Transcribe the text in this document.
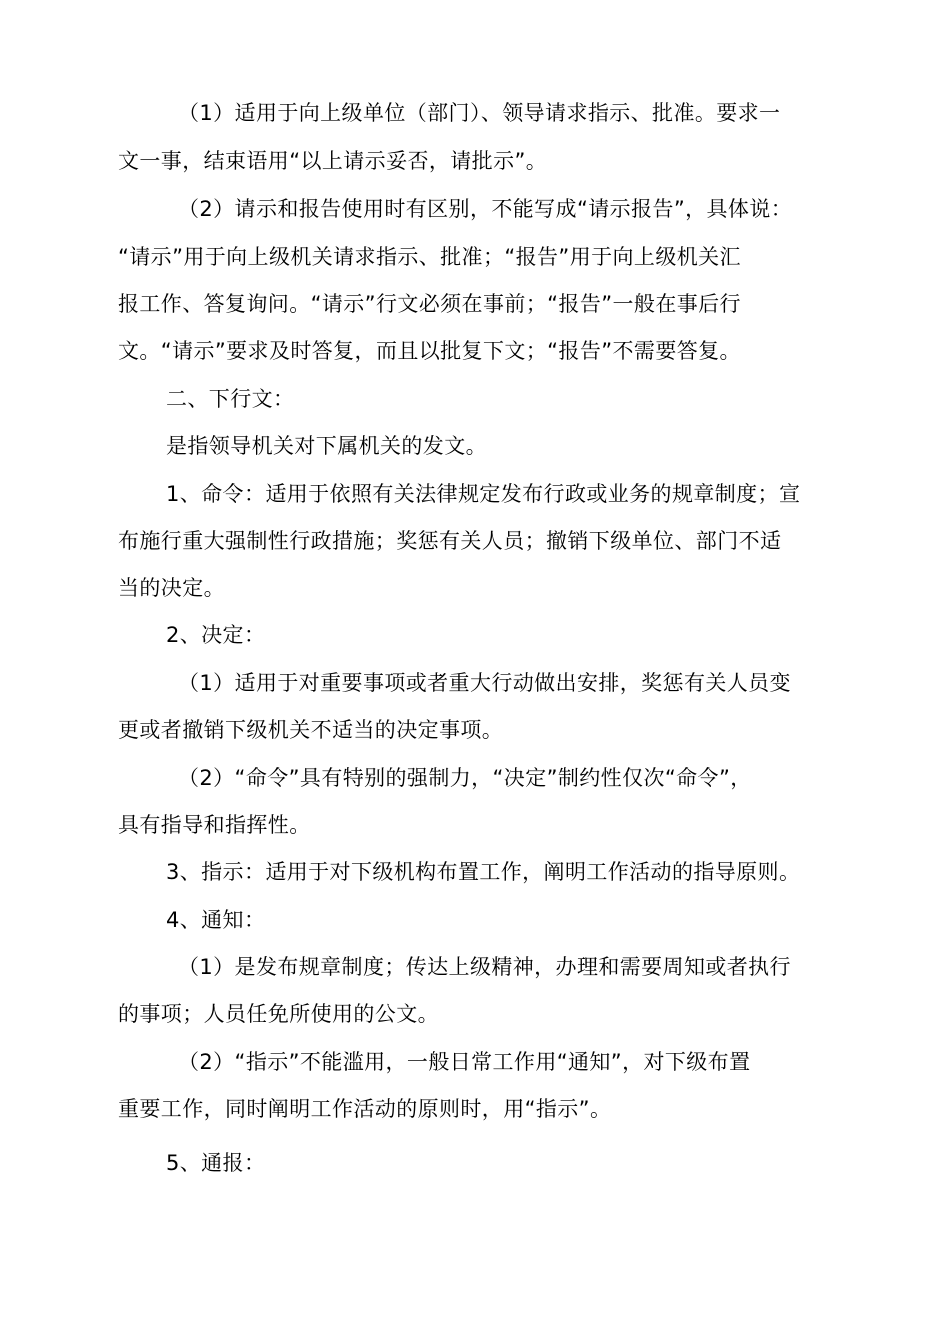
（1）适用于向上级单位（部门）、领导请求指示、批准。要求一
文一事，结束语用“以上请示妥否，请批示”。
（2）请示和报告使用时有区别，不能写成“请示报告”，具体说：
“请示”用于向上级机关请求指示、批准；“报告”用于向上级机关汇
报工作、答复询问。“请示”行文必须在事前；“报告”一般在事后行
文。“请示”要求及时答复，而且以批复下文；“报告”不需要答复。
二、下行文：
是指领导机关对下属机关的发文。
1、命令：适用于依照有关法律规定发布行政或业务的规章制度；宣
布施行重大强制性行政措施；奖惩有关人员；撤销下级单位、部门不适
当的决定。
2、决定：
（1）适用于对重要事项或者重大行动做出安排，奖惩有关人员变
更或者撤销下级机关不适当的决定事项。
（2）“命令”具有特别的强制力，“决定”制约性仅次“命令”，
具有指导和指挥性。
3、指示：适用于对下级机构布置工作，阐明工作活动的指导原则。
4、通知：
（1）是发布规章制度；传达上级精神，办理和需要周知或者执行
的事项；人员任免所使用的公文。
（2）“指示”不能滥用，一般日常工作用“通知”，对下级布置
重要工作，同时阐明工作活动的原则时，用“指示”。
5、通报：
